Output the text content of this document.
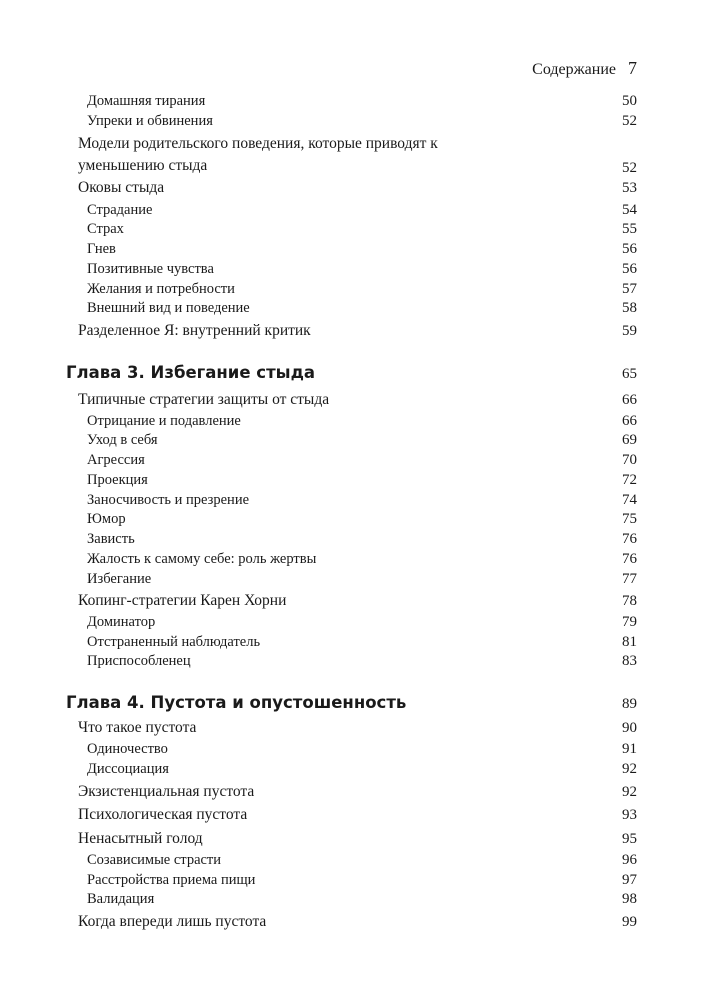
Содержание 7
Домашняя тирания	50
Упреки и обвинения	52
Модели родительского поведения, которые приводят к уменьшению стыда	52
Оковы стыда	53
Страдание	54
Страх	55
Гнев	56
Позитивные чувства	56
Желания и потребности	57
Внешний вид и поведение	58
Разделенное Я: внутренний критик	59
Глава 3. Избегание стыда	65
Типичные стратегии защиты от стыда	66
Отрицание и подавление	66
Уход в себя	69
Агрессия	70
Проекция	72
Заносчивость и презрение	74
Юмор	75
Зависть	76
Жалость к самому себе: роль жертвы	76
Избегание	77
Копинг-стратегии Карен Хорни	78
Доминатор	79
Отстраненный наблюдатель	81
Приспособленец	83
Глава 4. Пустота и опустошенность	89
Что такое пустота	90
Одиночество	91
Диссоциация	92
Экзистенциальная пустота	92
Психологическая пустота	93
Ненасытный голод	95
Созависимые страсти	96
Расстройства приема пищи	97
Валидация	98
Когда впереди лишь пустота	99
